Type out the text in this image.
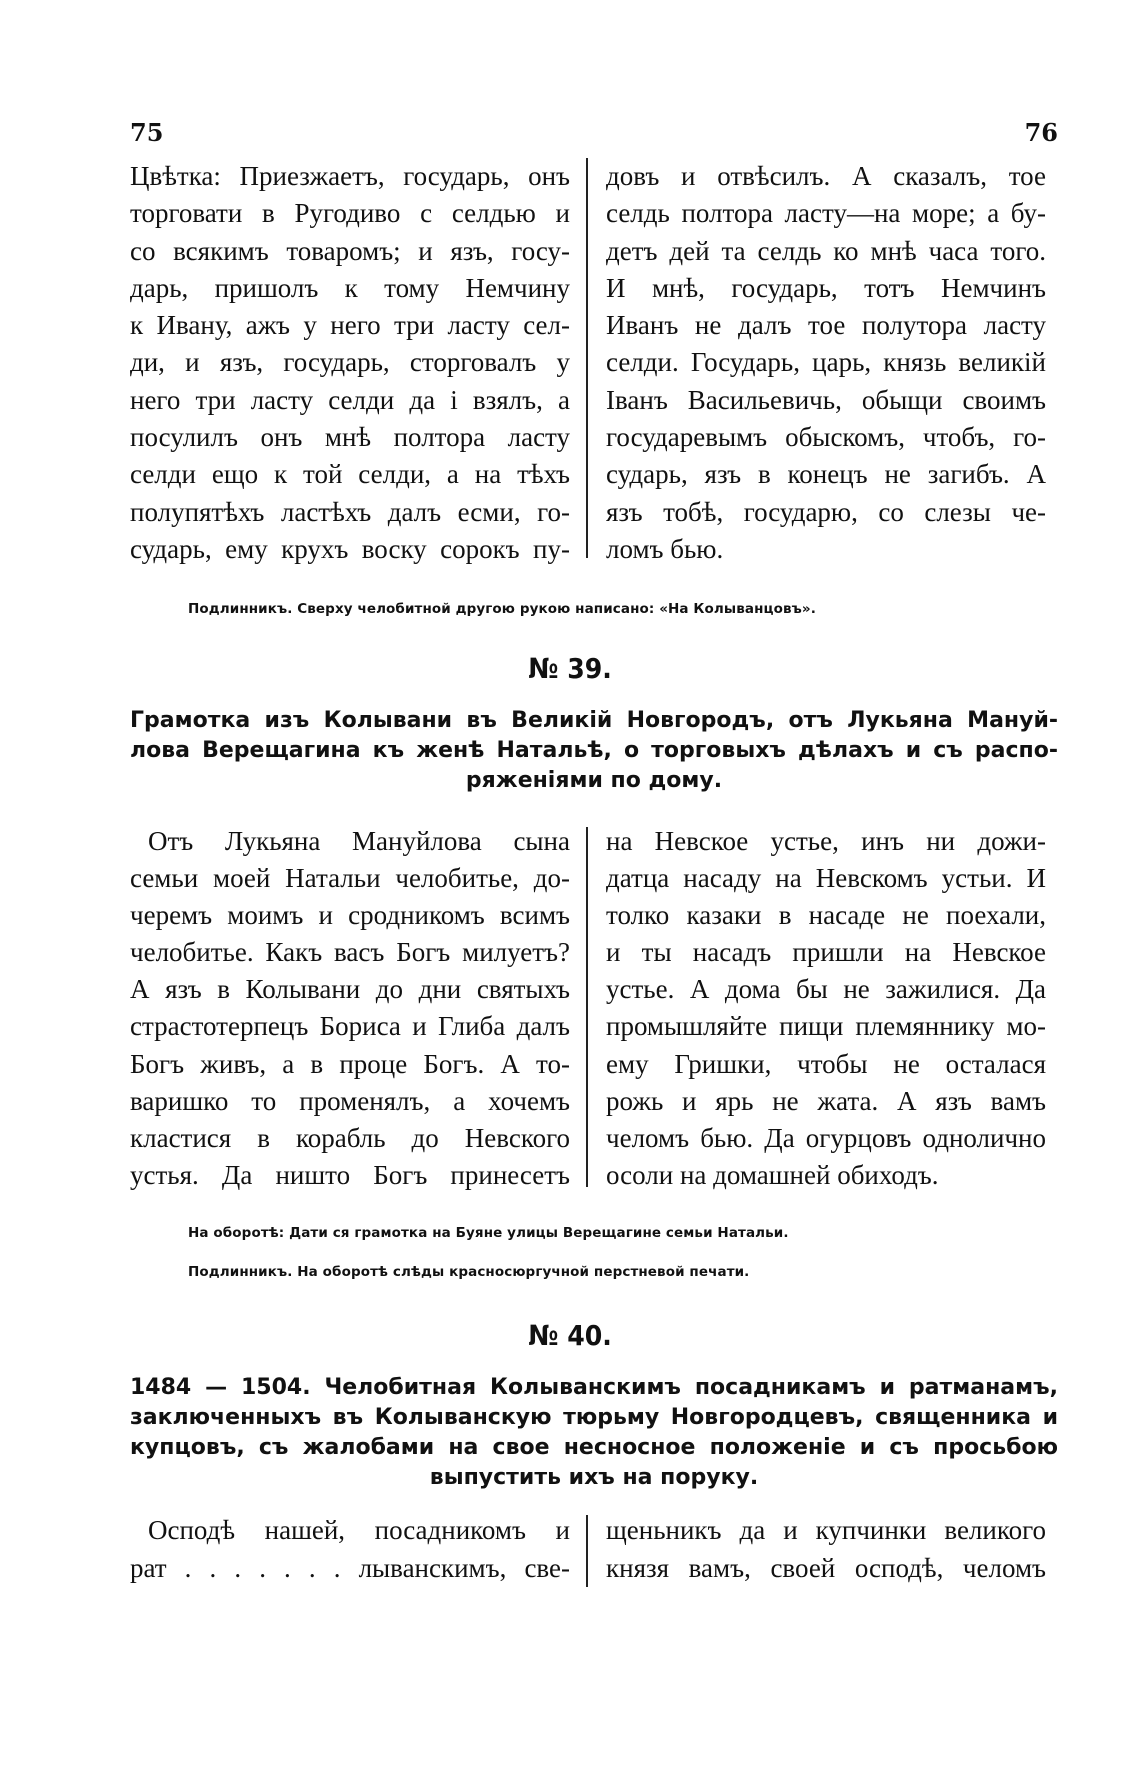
75	76
Цвѣтка: Приезжаетъ, государь, онъ
торговати в Ругодиво с селдью и
со всякимъ товаромъ; и язъ, госу-
дарь, пришолъ к тому Немчину
к Ивану, ажъ у него три ласту сел-
ди, и язъ, государь, сторговалъ у
него три ласту селди да і взялъ, а
посулилъ онъ мнѣ полтора ласту
селди ещо к той селди, а на тѣхъ
полупятѣхъ ластѣхъ далъ есми, го-
сударь, ему круxъ воску сорокъ пу-
довъ и отвѣсилъ. А сказалъ, тое
селдь полтора ласту—на море; а бу-
детъ дей та селдь ко мнѣ часа того.
И мнѣ, государь, тотъ Немчинъ
Иванъ не далъ тое полутора ласту
селди. Государь, царь, князь великій
Іванъ Васильевичь, обыщи своимъ
государевымъ обыскомъ, чтобъ, го-
сударь, язъ в конецъ не загибъ. А
язъ тобѣ, государю, со слезы че-
ломъ бью.
Подлинникъ. Сверху челобитной другою рукою написано: «На Колыванцовъ».
№ 39.
Грамотка изъ Колывани въ Великій Новгородъ, отъ Лукьяна Мануй-
лова Верещагина къ женѣ Натальѣ, о торговыхъ дѣлахъ и съ распо-
ряженіями по дому.
Отъ Лукьяна Мануйлова сына
семьи моей Натальи челобитье, до-
черемъ моимъ и сродникомъ всимъ
челобитье. Какъ васъ Богъ милуетъ?
А язъ в Колывани до дни святыхъ
страстотерпецъ Бориса и Глиба далъ
Богъ живъ, а в проце Богъ. А то-
варишко то променялъ, а хочемъ
кластися в корабль до Невского
устья. Да ништо Богъ принесетъ
на Невское устье, инъ ни дожи-
датца насаду на Невскомъ устьи. И
толко казаки в насаде не поехали,
и ты насадъ пришли на Невское
устье. А дома бы не зажилися. Да
промышляйте пищи племяннику мо-
ему Гришки, чтобы не осталася
рожь и ярь не жата. А язъ вамъ
челомъ бью. Да огурцовъ однолично
осоли на домашней обиходъ.
На оборотѣ: Дати ся грамотка на Буяне улицы Верещагине семьи Натальи.
Подлинникъ. На оборотѣ слѣды красносюргучной перстневой печати.
№ 40.
1484 — 1504. Челобитная Колыванскимъ посадникамъ и ратманамъ,
заключенныхъ въ Колыванскую тюрьму Новгородцевъ, священника и
купцовъ, съ жалобами на свое несносное положеніе и съ просьбою
выпустить ихъ на поруку.
Осподѣ нашей, посадникомъ и
рат . . . . . . . лыванскимъ, све-
щеньникъ да и купчинки великого
князя вамъ, своей осподѣ, челомъ
